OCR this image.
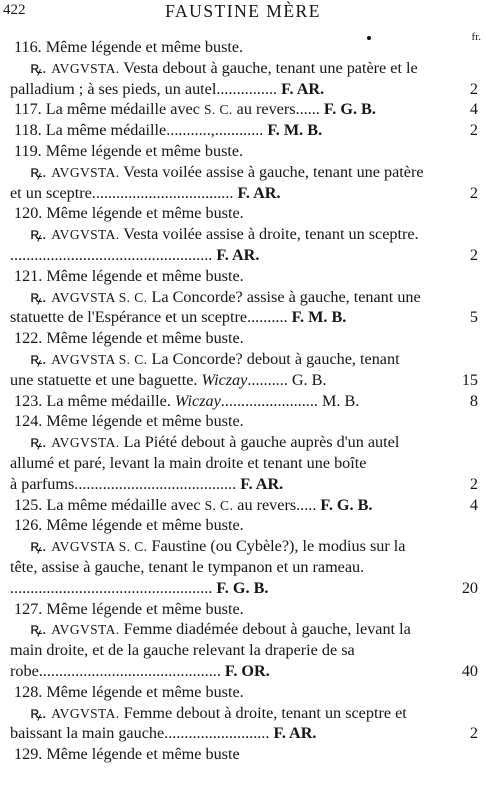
422	FAUSTINE MÈRE
fr.
116. Même légende et même buste.
ꝶ. AVGVSTA. Vesta debout à gauche, tenant une patère et le
palladium ; à ses pieds, un autel............... F. AR.	2
117. La même médaille avec S. C. au revers...... F. G. B.	4
118. La même médaille...........,............ F. M. B.	2
119. Même légende et même buste.
ꝶ. AVGVSTA. Vesta voilée assise à gauche, tenant une patère
et un sceptre................................... F. AR.	2
120. Même légende et même buste.
ꝶ. AVGVSTA. Vesta voilée assise à droite, tenant un sceptre.
.................................................. F. AR.	2
121. Même légende et même buste.
ꝶ. AVGVSTA S. C. La Concorde? assise à gauche, tenant une
statuette de l'Espérance et un sceptre.......... F. M. B.	5
122. Même légende et même buste.
ꝶ. AVGVSTA S. C. La Concorde? debout à gauche, tenant
une statuette et une baguette. Wiczay.......... G. B.	15
123. La même médaille. Wiczay........................ M. B.	8
124. Même légende et même buste.
ꝶ. AVGVSTA. La Piété debout à gauche auprès d'un autel
allumé et paré, levant la main droite et tenant une boîte
à parfums........................................ F. AR.	2
125. La même médaille avec S. C. au revers..... F. G. B.	4
126. Même légende et même buste.
ꝶ. AVGVSTA S. C. Faustine (ou Cybèle?), le modius sur la
tête, assise à gauche, tenant le tympanon et un rameau.
.................................................. F. G. B.	20
127. Même légende et même buste.
ꝶ. AVGVSTA. Femme diadémée debout à gauche, levant la
main droite, et de la gauche relevant la draperie de sa
robe............................................. F. OR.	40
128. Même légende et même buste.
ꝶ. AVGVSTA. Femme debout à droite, tenant un sceptre et
baissant la main gauche.......................... F. AR.	2
129. Même légende et même buste
